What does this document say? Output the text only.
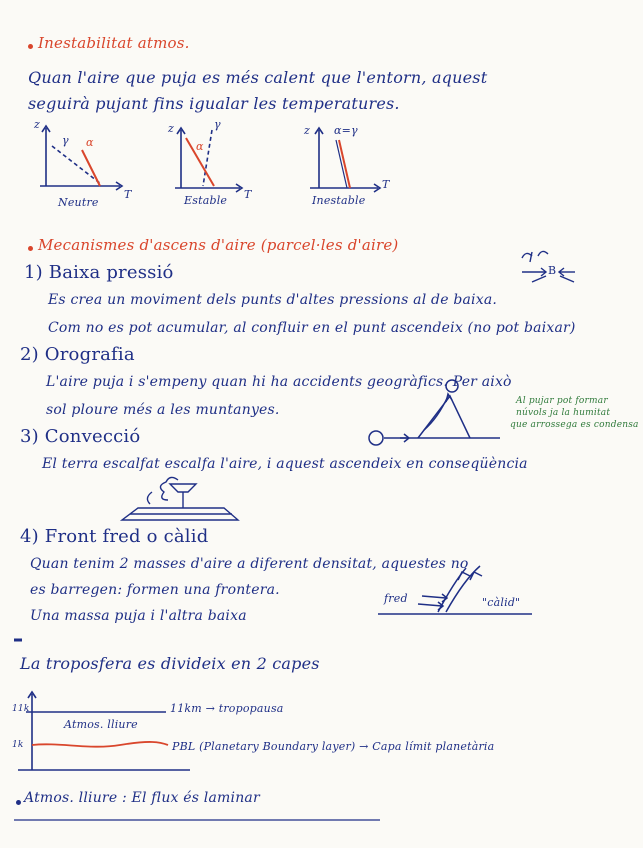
Inestabilitat atmos.
Quan l'aire que puja es més calent que l'entorn, aquest
seguirà pujant fins igualar les temperatures.
z
γ α
T
Neutre
z	γ
α
T
Estable
z α=γ
T
Inestable
Mecanismes d'ascens d'aire (parcel·les d'aire)
B
1) Baixa pressió
Es crea un moviment dels punts d'altes pressions al de baixa.
Com no es pot acumular, al confluir en el punt ascendeix (no pot baixar)
2) Orografia
L'aire puja i s'empeny quan hi ha accidents geogràfics. Per això
sol ploure més a les muntanyes.
Al pujar pot formar
núvols ja la humitat
que arrossega es condensa
3) Convecció
El terra escalfat escalfa l'aire, i aquest ascendeix en conseqüència
4) Front fred o càlid
Quan tenim 2 masses d'aire a diferent densitat, aquestes no
es barregen: formen una frontera.
Una massa puja i l'altra baixa
fred	"càlid"
La troposfera es divideix en 2 capes
11k
1k
11km → tropopausa
Atmos. lliure
PBL (Planetary Boundary layer) → Capa límit planetària
Atmos. lliure : El flux és laminar
